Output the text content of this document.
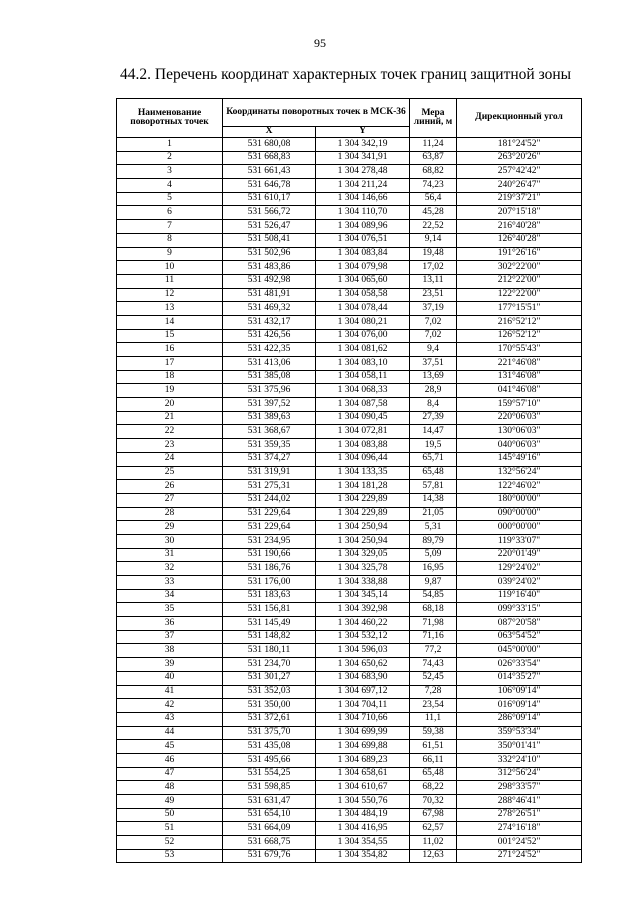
95
44.2. Перечень координат характерных точек границ защитной зоны
Наименование поворотных точек	Координаты поворотных точек в МСК-36		Мера линий, м	Дирекционный угол
	X	Y		
1	531 680,08	1 304 342,19	11,24	181°24'52"
2	531 668,83	1 304 341,91	63,87	263°20'26"
3	531 661,43	1 304 278,48	68,82	257°42'42"
4	531 646,78	1 304 211,24	74,23	240°26'47"
5	531 610,17	1 304 146,66	56,4	219°37'21"
6	531 566,72	1 304 110,70	45,28	207°15'18"
7	531 526,47	1 304 089,96	22,52	216°40'28"
8	531 508,41	1 304 076,51	9,14	126°40'28"
9	531 502,96	1 304 083,84	19,48	191°26'16"
10	531 483,86	1 304 079,98	17,02	302°22'00"
11	531 492,98	1 304 065,60	13,11	212°22'00"
12	531 481,91	1 304 058,58	23,51	122°22'00"
13	531 469,32	1 304 078,44	37,19	177°15'51"
14	531 432,17	1 304 080,21	7,02	216°52'12"
15	531 426,56	1 304 076,00	7,02	126°52'12"
16	531 422,35	1 304 081,62	9,4	170°55'43"
17	531 413,06	1 304 083,10	37,51	221°46'08"
18	531 385,08	1 304 058,11	13,69	131°46'08"
19	531 375,96	1 304 068,33	28,9	041°46'08"
20	531 397,52	1 304 087,58	8,4	159°57'10"
21	531 389,63	1 304 090,45	27,39	220°06'03"
22	531 368,67	1 304 072,81	14,47	130°06'03"
23	531 359,35	1 304 083,88	19,5	040°06'03"
24	531 374,27	1 304 096,44	65,71	145°49'16"
25	531 319,91	1 304 133,35	65,48	132°56'24"
26	531 275,31	1 304 181,28	57,81	122°46'02"
27	531 244,02	1 304 229,89	14,38	180°00'00"
28	531 229,64	1 304 229,89	21,05	090°00'00"
29	531 229,64	1 304 250,94	5,31	000°00'00"
30	531 234,95	1 304 250,94	89,79	119°33'07"
31	531 190,66	1 304 329,05	5,09	220°01'49"
32	531 186,76	1 304 325,78	16,95	129°24'02"
33	531 176,00	1 304 338,88	9,87	039°24'02"
34	531 183,63	1 304 345,14	54,85	119°16'40"
35	531 156,81	1 304 392,98	68,18	099°33'15"
36	531 145,49	1 304 460,22	71,98	087°20'58"
37	531 148,82	1 304 532,12	71,16	063°54'52"
38	531 180,11	1 304 596,03	77,2	045°00'00"
39	531 234,70	1 304 650,62	74,43	026°33'54"
40	531 301,27	1 304 683,90	52,45	014°35'27"
41	531 352,03	1 304 697,12	7,28	106°09'14"
42	531 350,00	1 304 704,11	23,54	016°09'14"
43	531 372,61	1 304 710,66	11,1	286°09'14"
44	531 375,70	1 304 699,99	59,38	359°53'34"
45	531 435,08	1 304 699,88	61,51	350°01'41"
46	531 495,66	1 304 689,23	66,11	332°24'10"
47	531 554,25	1 304 658,61	65,48	312°56'24"
48	531 598,85	1 304 610,67	68,22	298°33'57"
49	531 631,47	1 304 550,76	70,32	288°46'41"
50	531 654,10	1 304 484,19	67,98	278°26'51"
51	531 664,09	1 304 416,95	62,57	274°16'18"
52	531 668,75	1 304 354,55	11,02	001°24'52"
53	531 679,76	1 304 354,82	12,63	271°24'52"
